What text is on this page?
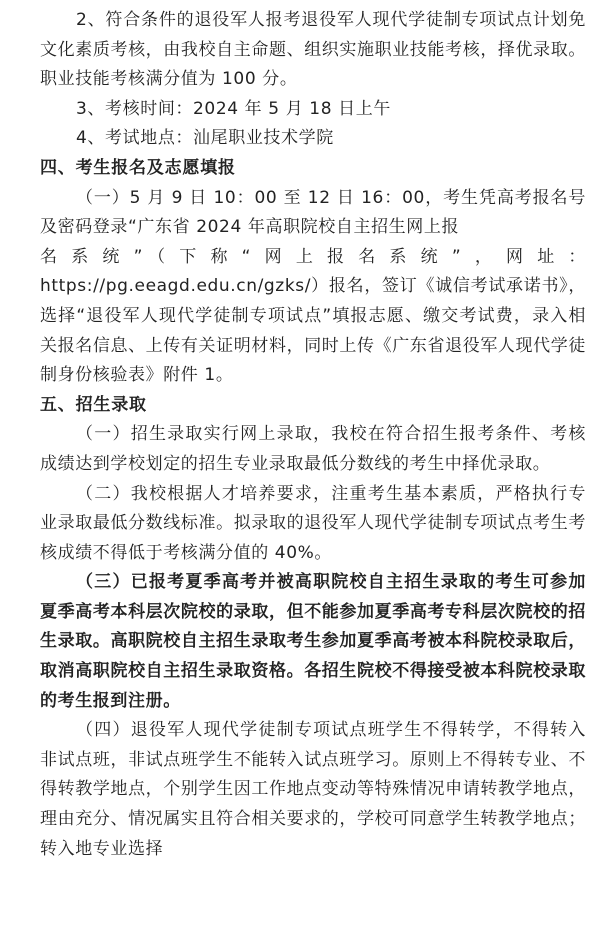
2、符合条件的退役军人报考退役军人现代学徒制专项试点计划免文化素质考核，由我校自主命题、组织实施职业技能考核，择优录取。职业技能考核满分值为 100 分。

3、考核时间：2024 年 5 月 18 日上午

4、考试地点：汕尾职业技术学院

四、考生报名及志愿填报

（一）5 月 9 日 10：00 至 12 日 16：00，考生凭高考报名号及密码登录“广东省 2024 年高职院校自主招生网上报

名系统”（下称“网上报名系统”，网址：

https://pg.eeagd.edu.cn/gzks/）报名，签订《诚信考试承诺书》，选择“退役军人现代学徒制专项试点”填报志愿、缴交考试费，录入相关报名信息、上传有关证明材料，同时上传《广东省退役军人现代学徒制身份核验表》附件 1。

五、招生录取

（一）招生录取实行网上录取，我校在符合招生报考条件、考核成绩达到学校划定的招生专业录取最低分数线的考生中择优录取。

（二）我校根据人才培养要求，注重考生基本素质，严格执行专业录取最低分数线标准。拟录取的退役军人现代学徒制专项试点考生考核成绩不得低于考核满分值的 40%。

（三）已报考夏季高考并被高职院校自主招生录取的考生可参加夏季高考本科层次院校的录取，但不能参加夏季高考专科层次院校的招生录取。高职院校自主招生录取考生参加夏季高考被本科院校录取后，取消高职院校自主招生录取资格。各招生院校不得接受被本科院校录取的考生报到注册。

（四）退役军人现代学徒制专项试点班学生不得转学，不得转入非试点班，非试点班学生不能转入试点班学习。原则上不得转专业、不得转教学地点，个别学生因工作地点变动等特殊情况申请转教学地点，理由充分、情况属实且符合相关要求的，学校可同意学生转教学地点；转入地专业选择
